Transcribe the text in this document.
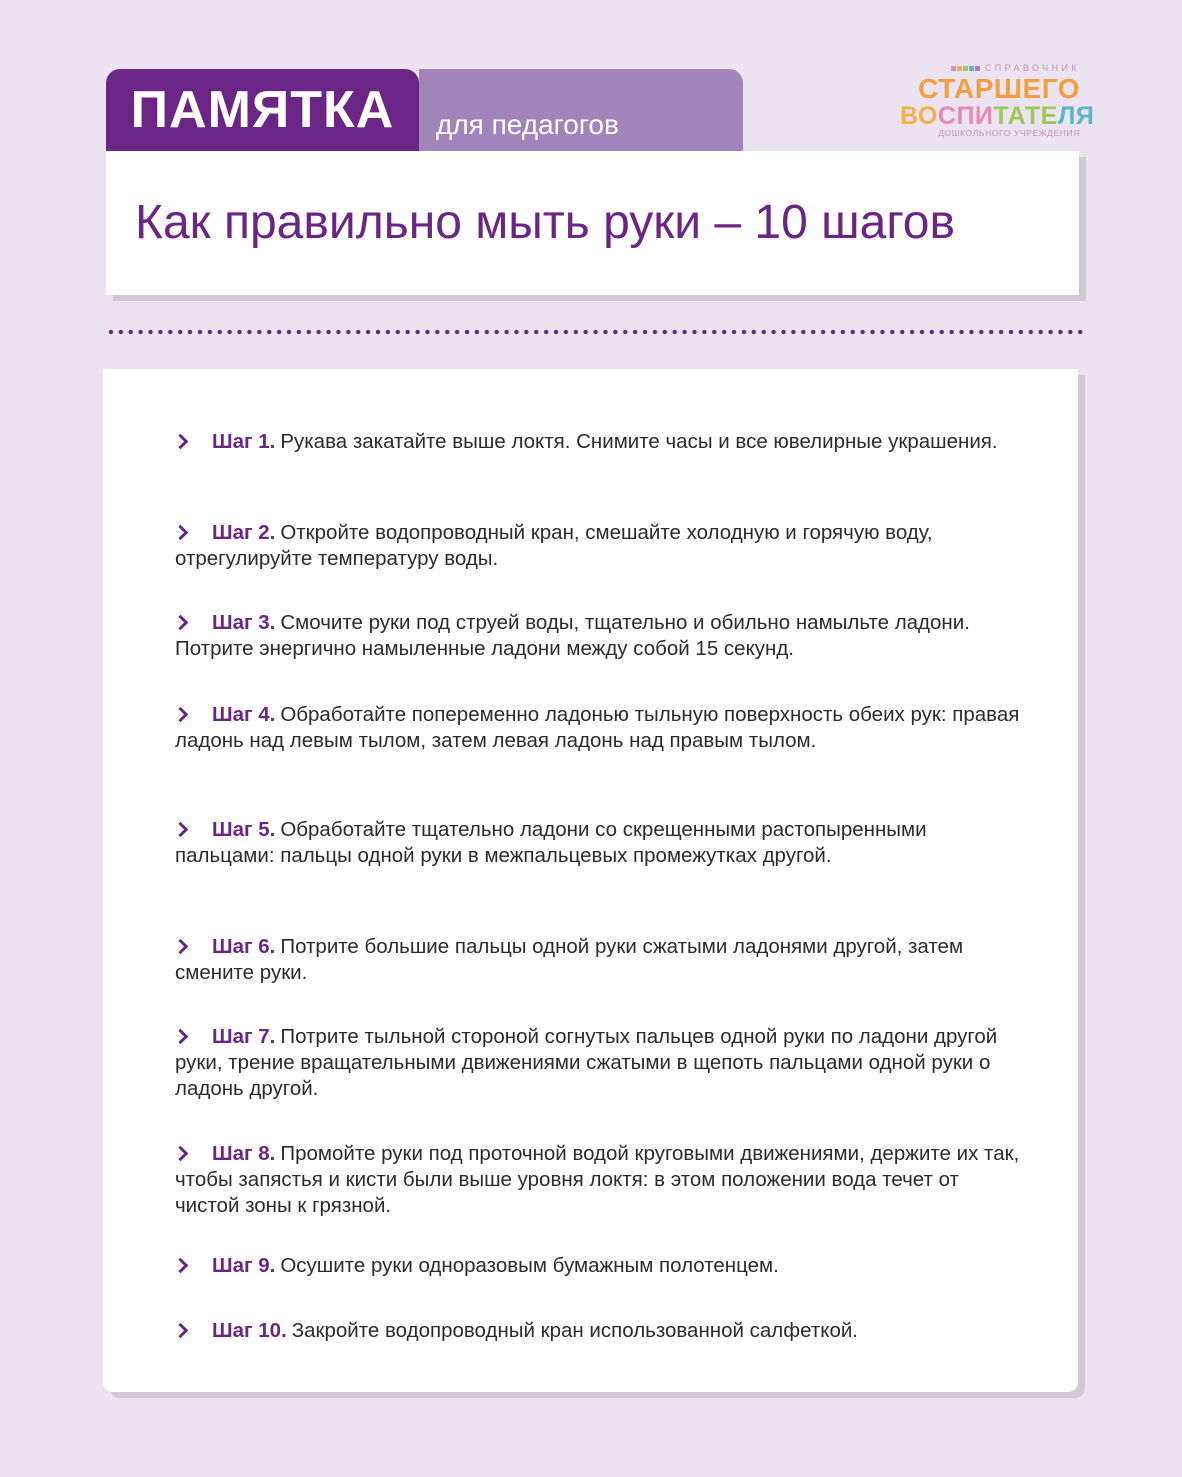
ПАМЯТКА	для педагогов
СПРАВОЧНИК
СТАРШЕГО
ВОСПИТАТЕЛЯ
ДОШКОЛЬНОГО УЧРЕЖДЕНИЯ
Как правильно мыть руки – 10 шагов
Шаг 1. Рукава закатайте выше локтя. Снимите часы и все ювелирные украшения.
Шаг 2. Откройте водопроводный кран, смешайте холодную и горячую воду, отрегулируйте температуру воды.
Шаг 3. Смочите руки под струей воды, тщательно и обильно намыльте ладони. Потрите энергично намыленные ладони между собой 15 секунд.
Шаг 4. Обработайте попеременно ладонью тыльную поверхность обеих рук: правая ладонь над левым тылом, затем левая ладонь над правым тылом.
Шаг 5. Обработайте тщательно ладони со скрещенными растопыренными пальцами: пальцы одной руки в межпальцевых промежутках другой.
Шаг 6. Потрите большие пальцы одной руки сжатыми ладонями другой, затем смените руки.
Шаг 7. Потрите тыльной стороной согнутых пальцев одной руки по ладони другой руки, трение вращательными движениями сжатыми в щепоть пальцами одной руки о ладонь другой.
Шаг 8. Промойте руки под проточной водой круговыми движениями, держите их так, чтобы запястья и кисти были выше уровня локтя: в этом положении вода течет от чистой зоны к грязной.
Шаг 9. Осушите руки одноразовым бумажным полотенцем.
Шаг 10. Закройте водопроводный кран использованной салфеткой.
